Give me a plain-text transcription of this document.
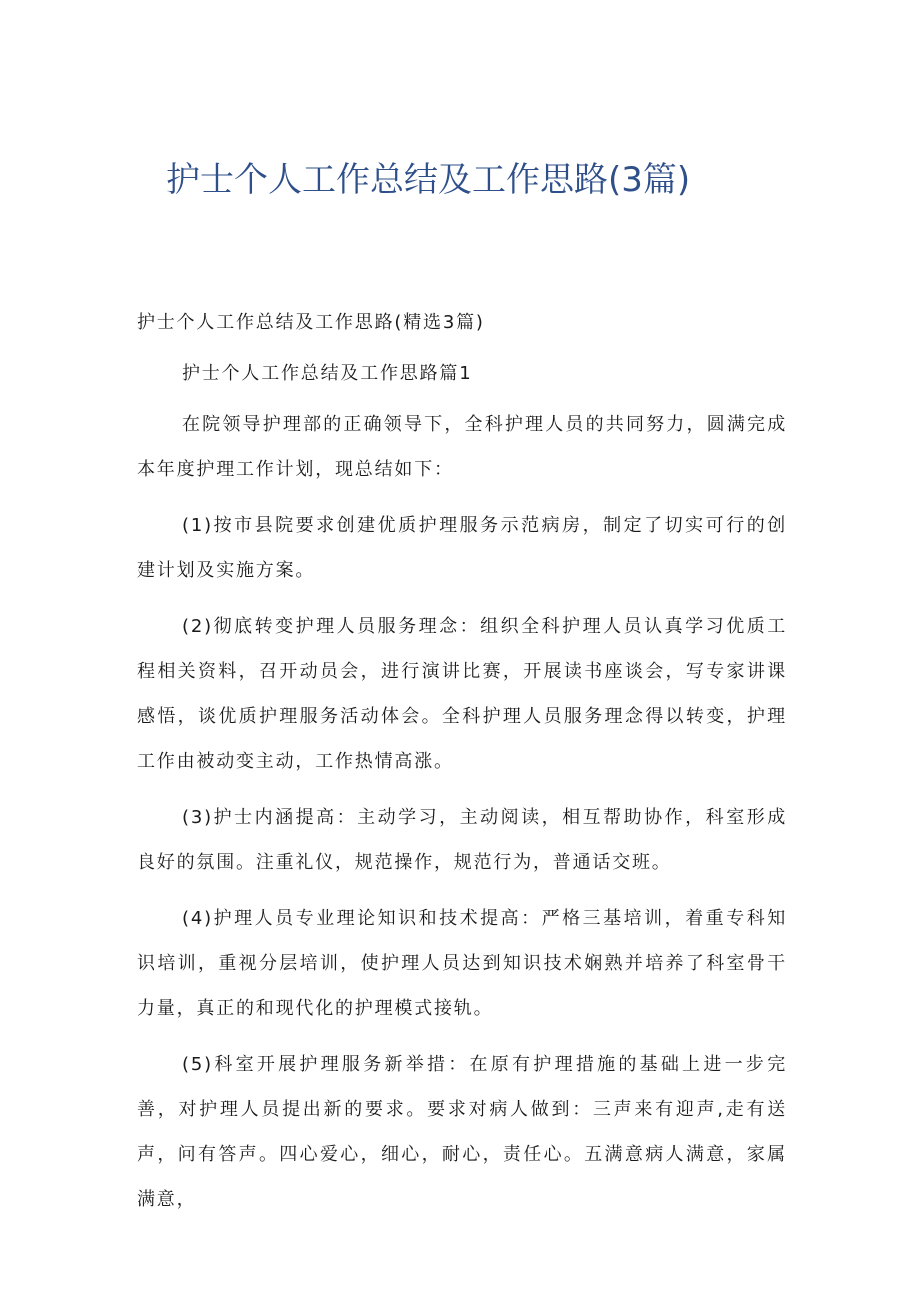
护士个人工作总结及工作思路(3篇)

护士个人工作总结及工作思路(精选3篇)

护士个人工作总结及工作思路篇1

在院领导护理部的正确领导下，全科护理人员的共同努力，圆满完成本年度护理工作计划，现总结如下：

(1)按市县院要求创建优质护理服务示范病房，制定了切实可行的创建计划及实施方案。

(2)彻底转变护理人员服务理念：组织全科护理人员认真学习优质工程相关资料，召开动员会，进行演讲比赛，开展读书座谈会，写专家讲课感悟，谈优质护理服务活动体会。全科护理人员服务理念得以转变，护理工作由被动变主动，工作热情高涨。

(3)护士内涵提高：主动学习，主动阅读，相互帮助协作，科室形成良好的氛围。注重礼仪，规范操作，规范行为，普通话交班。

(4)护理人员专业理论知识和技术提高：严格三基培训，着重专科知识培训，重视分层培训，使护理人员达到知识技术娴熟并培养了科室骨干力量，真正的和现代化的护理模式接轨。

(5)科室开展护理服务新举措：在原有护理措施的基础上进一步完善，对护理人员提出新的要求。要求对病人做到：三声来有迎声,走有送声，问有答声。四心爱心，细心，耐心，责任心。五满意病人满意，家属满意，
